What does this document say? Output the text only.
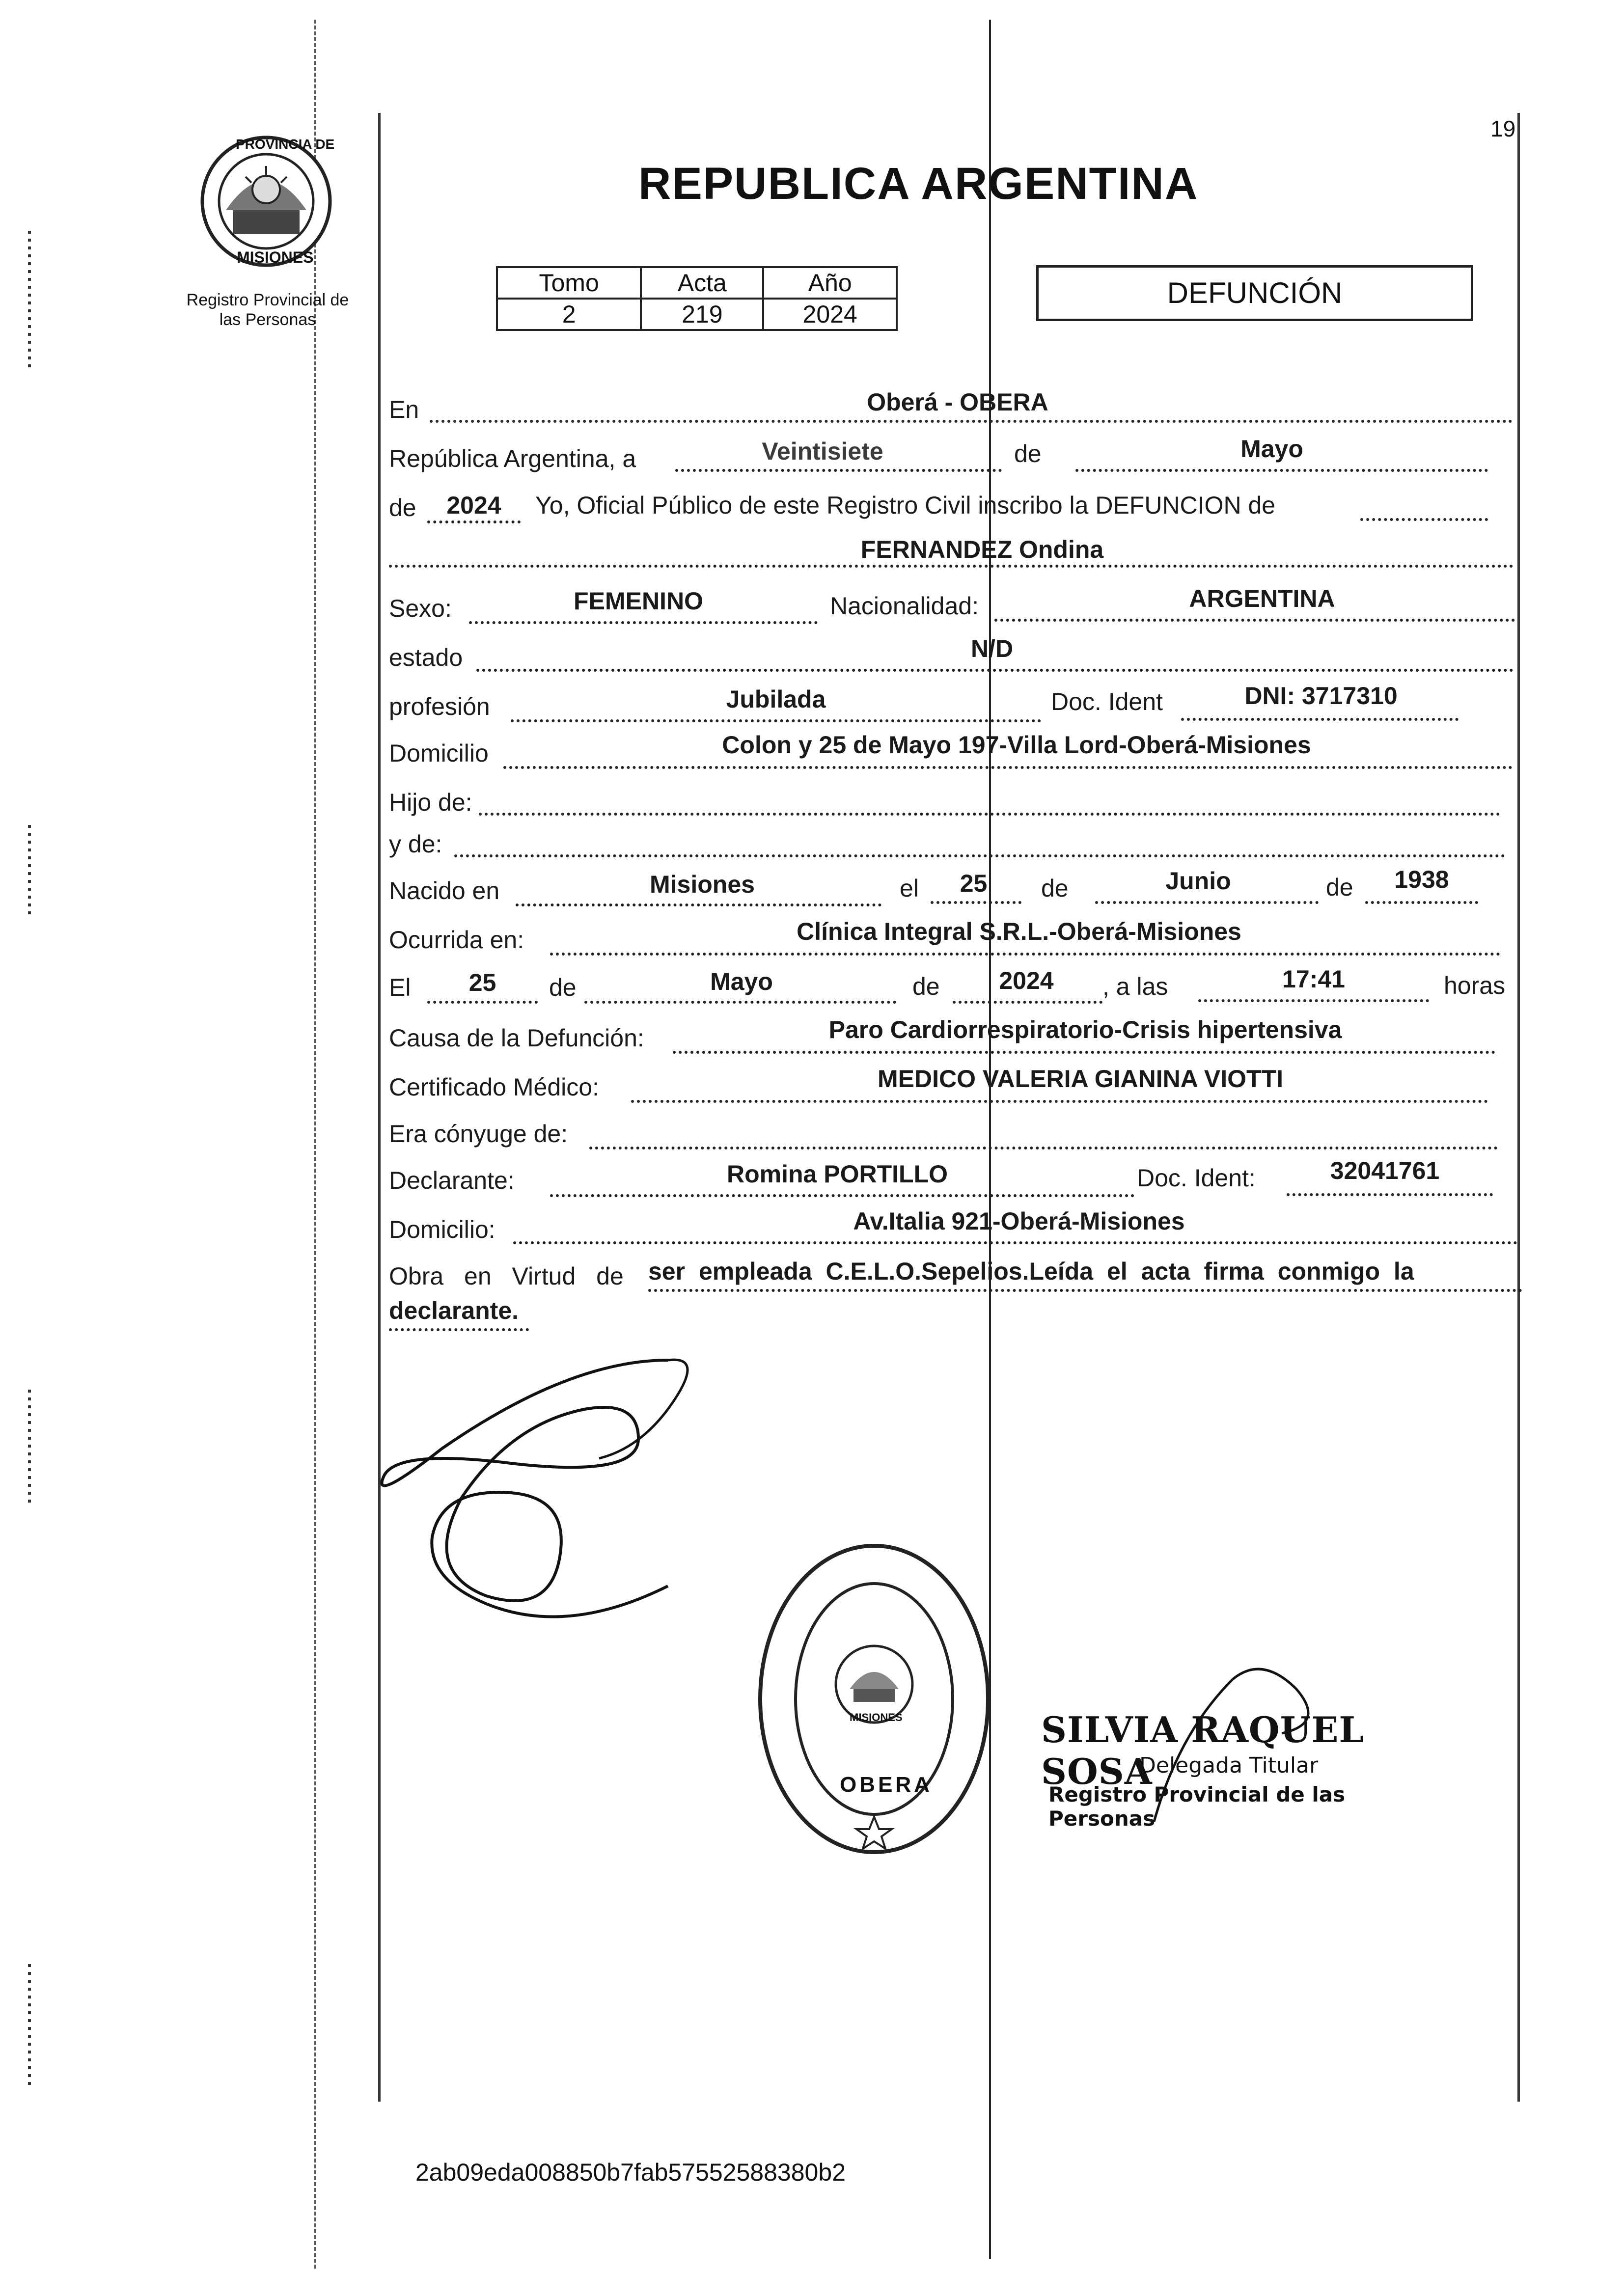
19
PROVINCIA DE
MISIONES
Registro Provincial de
las Personas
REPUBLICA ARGENTINA
Tomo	Acta	Año
2	219	2024
DEFUNCIÓN
En	Oberá - OBERA
República Argentina, a	Veintisiete	de	Mayo
de	2024	Yo, Oficial Público de este Registro Civil inscribo la DEFUNCION de
FERNANDEZ Ondina
Sexo:	FEMENINO	Nacionalidad:	ARGENTINA
estado	N/D
profesión	Jubilada	Doc. Ident	DNI: 3717310
Domicilio	Colon y 25 de Mayo 197-Villa Lord-Oberá-Misiones
Hijo de:
y de:
Nacido en	Misiones	el	25	de	Junio	de	1938
Ocurrida en:	Clínica Integral S.R.L.-Oberá-Misiones
El	25	de	Mayo	de	2024	, a las	17:41	horas
Causa de la Defunción:	Paro Cardiorrespiratorio-Crisis hipertensiva
Certificado Médico:	MEDICO VALERIA GIANINA VIOTTI
Era cónyuge de:
Declarante:	Romina PORTILLO	Doc. Ident:	32041761
Domicilio:	Av.Italia 921-Oberá-Misiones
Obra en Virtud de ser empleada C.E.L.O.Sepelios.Leída el acta firma conmigo la
declarante.
MISIONES
OBERA
SILVIA RAQUEL SOSA
Delegada Titular
Registro Provincial de las Personas
2ab09eda008850b7fab57552588380b2
